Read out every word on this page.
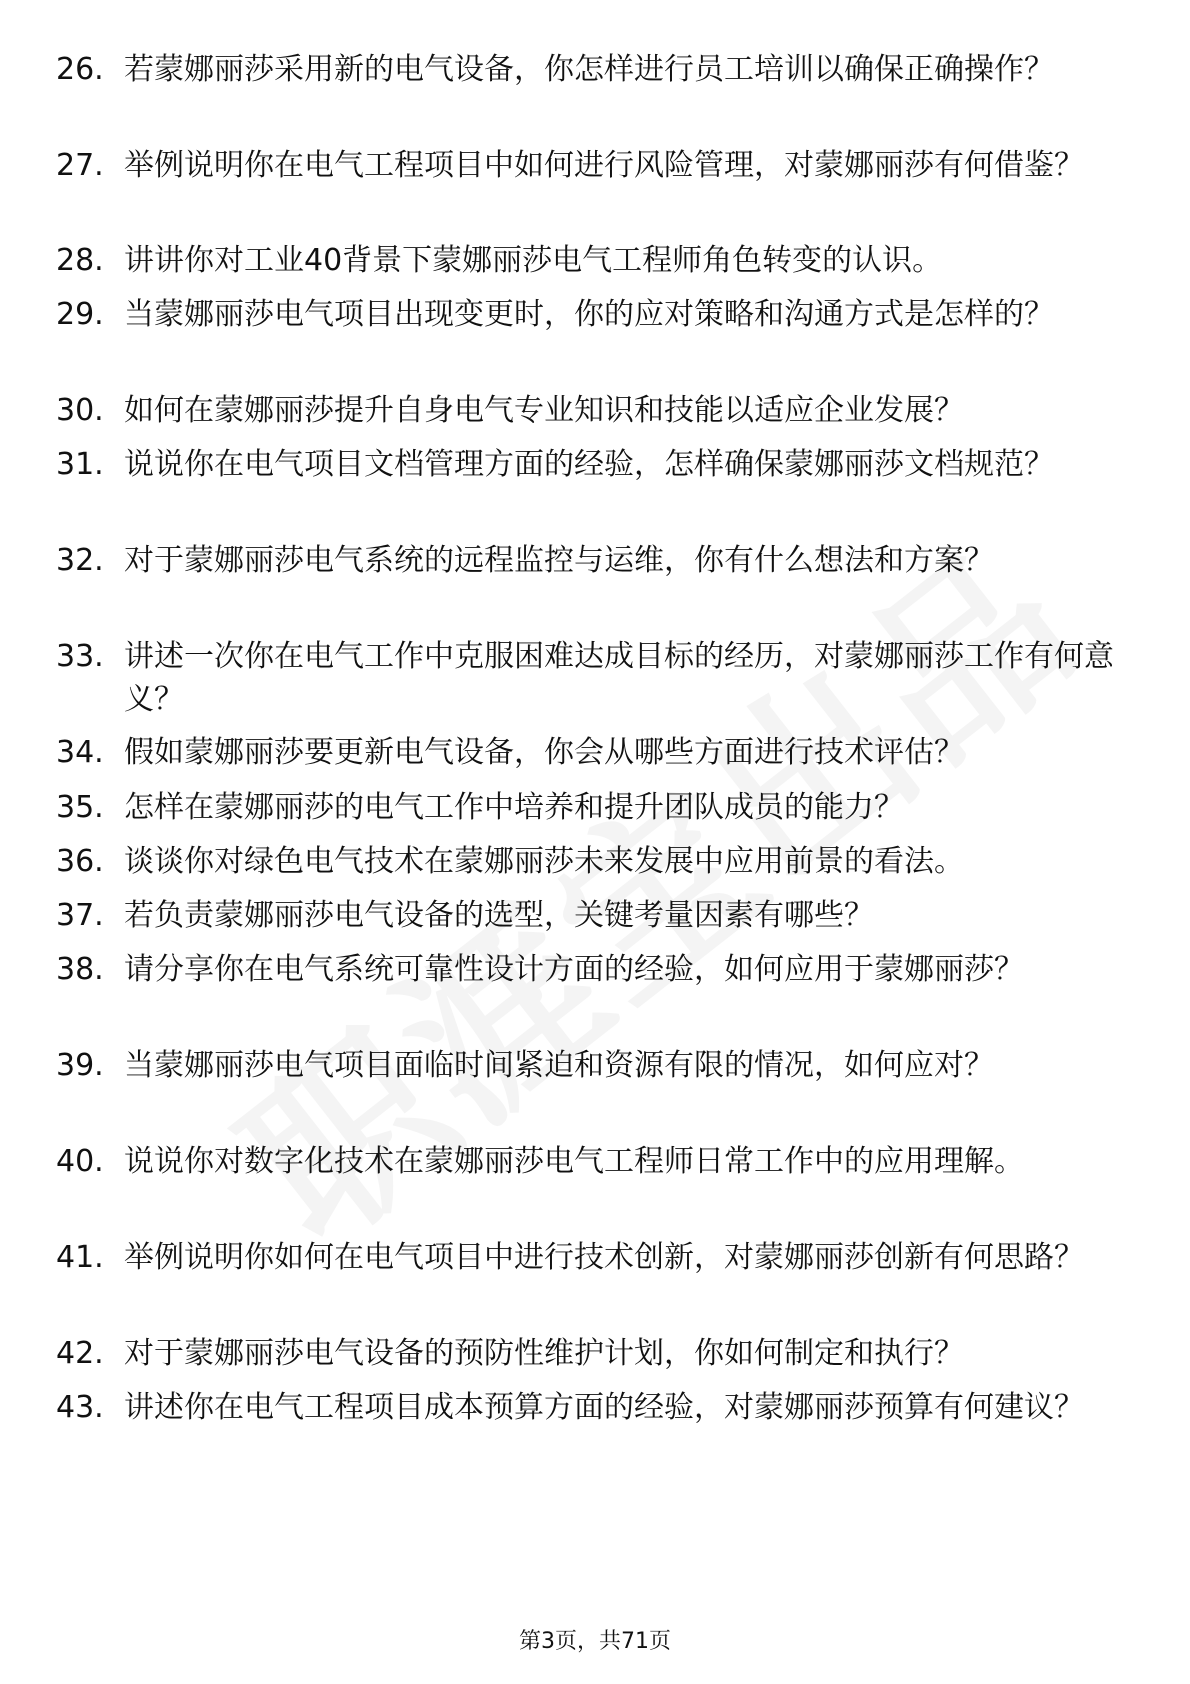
26. 若蒙娜丽莎采用新的电气设备，你怎样进行员工培训以确保正确操作？
27. 举例说明你在电气工程项目中如何进行风险管理，对蒙娜丽莎有何借鉴？
28. 讲讲你对工业40背景下蒙娜丽莎电气工程师角色转变的认识。
29. 当蒙娜丽莎电气项目出现变更时，你的应对策略和沟通方式是怎样的？
30. 如何在蒙娜丽莎提升自身电气专业知识和技能以适应企业发展？
31. 说说你在电气项目文档管理方面的经验，怎样确保蒙娜丽莎文档规范？
32. 对于蒙娜丽莎电气系统的远程监控与运维，你有什么想法和方案？
33. 讲述一次你在电气工作中克服困难达成目标的经历，对蒙娜丽莎工作有何意义？
34. 假如蒙娜丽莎要更新电气设备，你会从哪些方面进行技术评估？
35. 怎样在蒙娜丽莎的电气工作中培养和提升团队成员的能力？
36. 谈谈你对绿色电气技术在蒙娜丽莎未来发展中应用前景的看法。
37. 若负责蒙娜丽莎电气设备的选型，关键考量因素有哪些？
38. 请分享你在电气系统可靠性设计方面的经验，如何应用于蒙娜丽莎？
39. 当蒙娜丽莎电气项目面临时间紧迫和资源有限的情况，如何应对？
40. 说说你对数字化技术在蒙娜丽莎电气工程师日常工作中的应用理解。
41. 举例说明你如何在电气项目中进行技术创新，对蒙娜丽莎创新有何思路？
42. 对于蒙娜丽莎电气设备的预防性维护计划，你如何制定和执行？
43. 讲述你在电气工程项目成本预算方面的经验，对蒙娜丽莎预算有何建议？
第3页，共71页
